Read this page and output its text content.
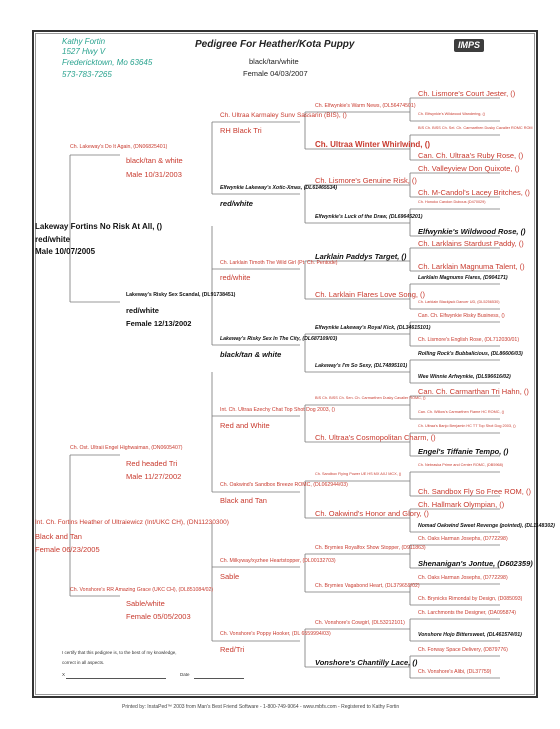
Kathy Fortin
1527 Hwy V
Fredericktown, Mo 63645
573-783-7265
Pedigree For Heather/Kota Puppy
black/tan/white
Female 04/03/2007
IMPS
Lakeway Fortins No Risk At All, ()
red/white
Male 10/07/2005
Int. Ch. Fortins Heather of Ultraiewicz (Int/UKC CH), (DN11230300)
Black and Tan
Female 06/23/2005
Ch. Lakeway's Do It Again, (DN06825401)
black/tan & white
Male 10/31/2003
Lakeway's Risky Sex Scandal, (DL91738451)
red/white
Female 12/13/2002
Ch. Ost. Ultraii Engel Highwaiman, (DN0605407)
Red headed Tri
Male 11/27/2002
Ch. Vonshore's RR Amazing Grace (UKC CH), (DL851084/02)
Sable/white
Female 05/05/2003
Ch. Ultraa Karmaley Sunv Sassarin (BIS), ()
RH Black Tri
Elfwynkie Lakeway's Xotic-Xmas, (DL61465534)
red/white
Ch. Larklain Timoth The Wild Girl (Pt. Ch. Pentode)
red/white
Lakeway's Risky Sex In The City, (DL687109/03)
black/tan & white
Int. Ch. Ultraa Ezechy Chat Top Shot Dog 2003, ()
Red and White
Ch. Oakwind's Sandbox Breeze ROMC, (DL062944/03)
Black and Tan
Ch. Milkyway/xyzhee Heartstopper, (DL00132703)
Sable
Ch. Vonshore's Poppy Hooker, (DL 6559994/03)
Red/Tri
Ch. Elfwynkie's Warm News, (DL56474501)
Ch. Ultraa Winter Whirlwind, ()
Ch. Lismore's Genuine Risk, ()
Elfwynkie's Luck of the Draw, (DL69645201)
Larklain Paddys Target, ()
Ch. Larklain Flares Love Song, ()
Elfwynkie Lakeway's Royal Kick, (DL34615101)
Lakeway's I'm So Sexy, (DL74895101)
BIS Ch. BISS Ch. Sen. Ch. Carmarthen Dusky Cavalier ROMC, ()
Ch. Ultraa's Cosmopolitan Charm, ()
Ch. Sandbox Flying Power UE HS MX AXJ MCX, ()
Ch. Oakwind's Honor and Glory, ()
Ch. Brymies Royalfox Show Stopper, (D911863)
Ch. Brymies Vagabond Heart, (DL379659/02)
Ch. Vonshore's Cowgirl, (DL53212101)
Vonshore's Chantilly Lace, ()
Ch. Lismore's Court Jester, ()
Ch. Elfwynkie's Wildwood Wandering, ()
BIS Ch. BISS Ch. Sel. Ch. Carmarthen Dusky Cavalier ROMC ROM
Can. Ch. Ultraa's Ruby Rose, ()
Ch. Valleyview Don Quixote, ()
Ch. M-Candol's Lacey Britches, ()
Ch. Honoko Carolon Dubous (D470029)
Elfwynkie's Wildwood Rose, ()
Ch. Larklains Stardust Paddy, ()
Ch. Larklain Magnuma Talent, ()
Larklain Magnums Flares, (D904171)
Ch. Larklain Blackjack Dancer UD, (DL5256530)
Can. Ch. Elfwynkie Risky Business, ()
Ch. Lismore's English Rose, (DL712030/01)
Rolling Rock's Bubbalicious, (DL86606/03)
Wee Winnie Arfwynkie, (DL596616/02)
Can. Ch. Carmarthan Tri Hahn, ()
Can. Ch. Willow's Carmarthen Flame HC ROMC, ()
Ch. Ultraa's Banjo Benjamin HC TT Top Shot Dog 2003, ()
Engel's Tiffanie Tempo, ()
Ch. Nebraska Prime and Center ROMC, (DB5968)
Ch. Sandbox Fly So Free ROM, ()
Ch. Hallmark Olympian, ()
Nomad Oakwind Sweet Revenge (pointed), (DL1148302)
Ch. Oaks Harman Josephs, (D772298)
Shenanigan's Jontue, (D602359)
Ch. Oaks Harman Josephs, (D772298)
Ch. Brynicks Rimondal by Design, (D085093)
Ch. Larchmonts the Designer, (DA095874)
Vonshore Hojo Bittersweet, (DL461574/01)
Ch. Forway Space Delivery, (D879776)
Ch. Vonshore's Alibi, (DL37759)
I certify that this pedigree is, to the best of my knowledge,
correct in all aspects.
X	Date
Printed by: InstaPed™ 2003 from Man's Best Friend Software - 1-800-749-9064 - www.mbfs.com - Registered to Kathy Fortin
